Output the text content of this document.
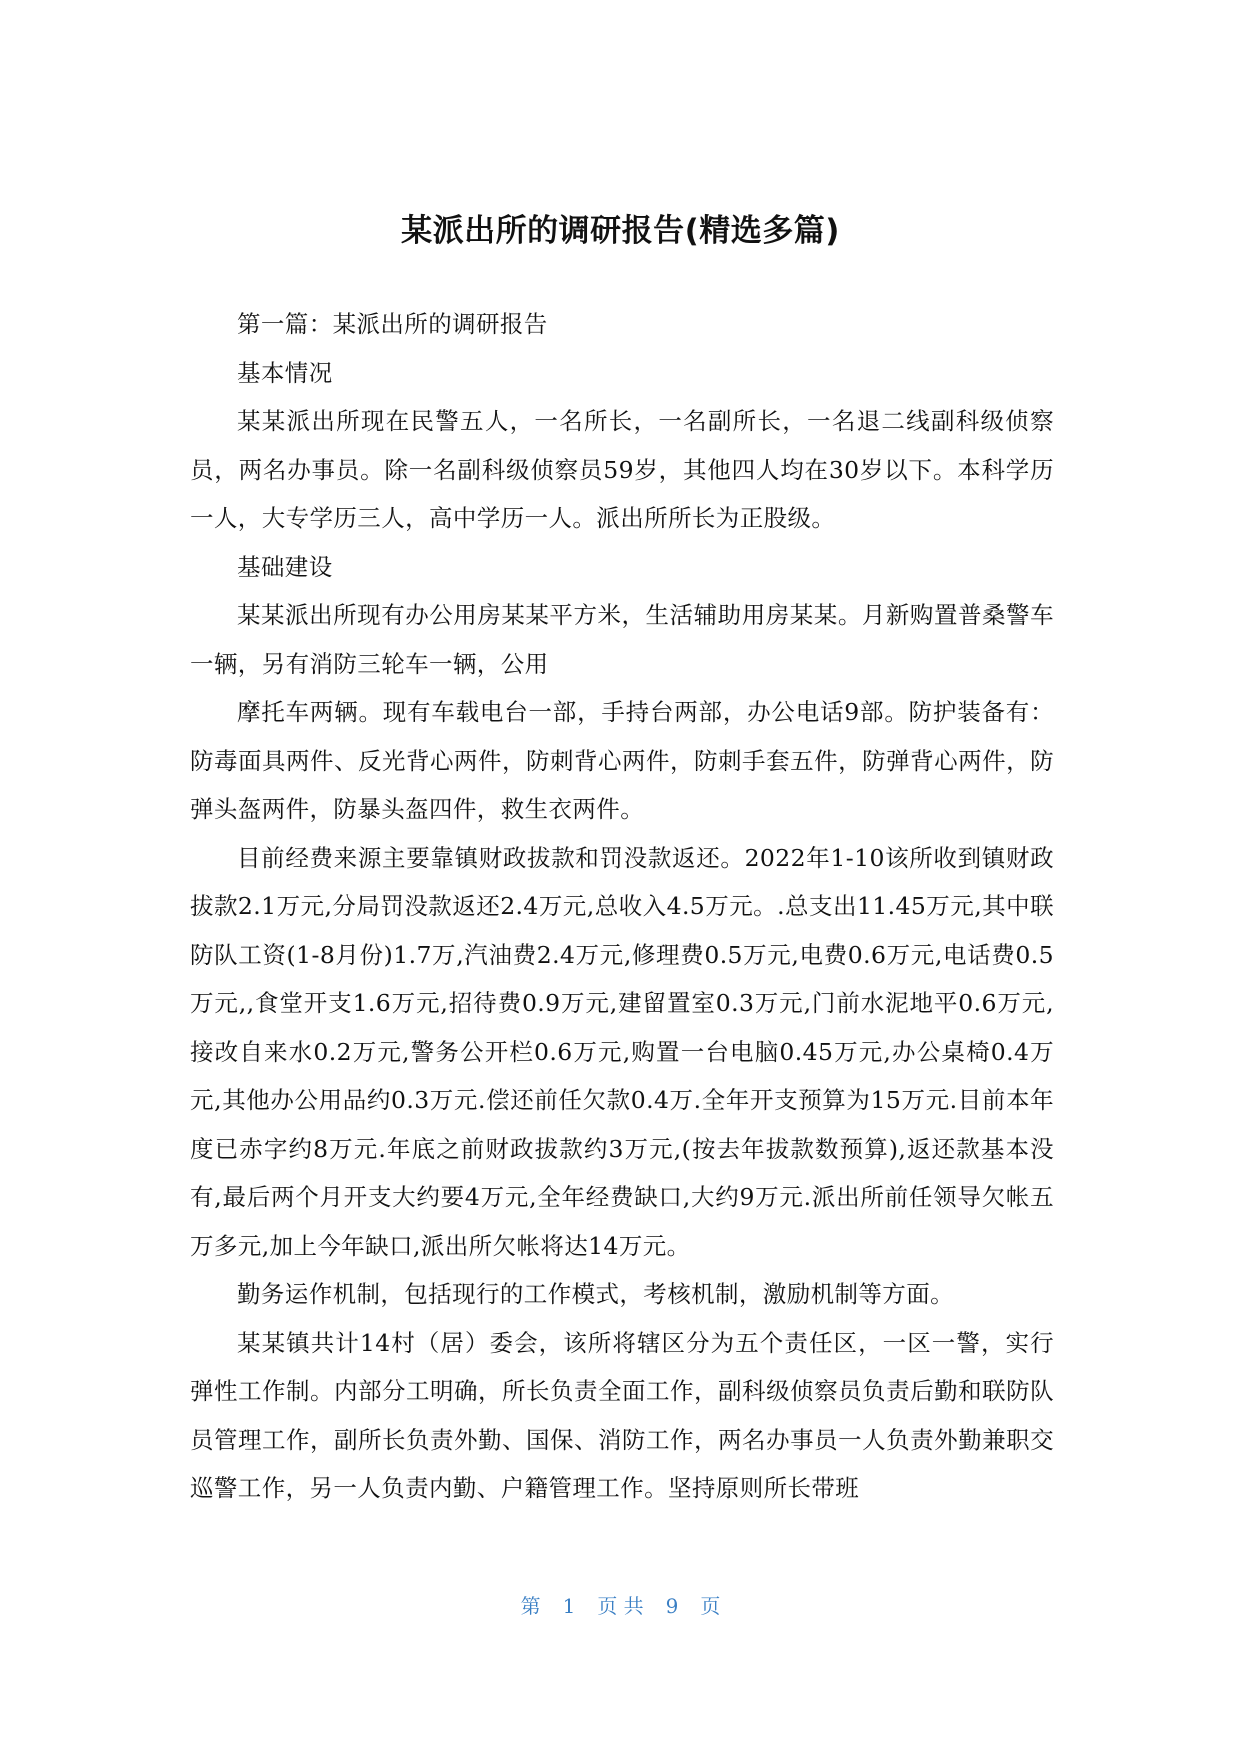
某派出所的调研报告(精选多篇)

第一篇：某派出所的调研报告

基本情况

某某派出所现在民警五人，一名所长，一名副所长，一名退二线副科级侦察员，两名办事员。除一名副科级侦察员59岁，其他四人均在30岁以下。本科学历一人，大专学历三人，高中学历一人。派出所所长为正股级。

基础建设

某某派出所现有办公用房某某平方米，生活辅助用房某某。月新购置普桑警车一辆，另有消防三轮车一辆，公用

摩托车两辆。现有车载电台一部，手持台两部，办公电话9部。防护装备有：防毒面具两件、反光背心两件，防刺背心两件，防刺手套五件，防弹背心两件，防弹头盔两件，防暴头盔四件，救生衣两件。

目前经费来源主要靠镇财政拔款和罚没款返还。2022年1-10该所收到镇财政拔款2.1万元,分局罚没款返还2.4万元,总收入4.5万元。.总支出11.45万元,其中联防队工资(1-8月份)1.7万,汽油费2.4万元,修理费0.5万元,电费0.6万元,电话费0.5万元,,食堂开支1.6万元,招待费0.9万元,建留置室0.3万元,门前水泥地平0.6万元,接改自来水0.2万元,警务公开栏0.6万元,购置一台电脑0.45万元,办公桌椅0.4万元,其他办公用品约0.3万元.偿还前任欠款0.4万.全年开支预算为15万元.目前本年度已赤字约8万元.年底之前财政拔款约3万元,(按去年拔款数预算),返还款基本没有,最后两个月开支大约要4万元,全年经费缺口,大约9万元.派出所前任领导欠帐五万多元,加上今年缺口,派出所欠帐将达14万元。

勤务运作机制，包括现行的工作模式，考核机制，激励机制等方面。

某某镇共计14村（居）委会，该所将辖区分为五个责任区，一区一警，实行弹性工作制。内部分工明确，所长负责全面工作，副科级侦察员负责后勤和联防队员管理工作，副所长负责外勤、国保、消防工作，两名办事员一人负责外勤兼职交巡警工作，另一人负责内勤、户籍管理工作。坚持原则所长带班

第 1 页 共 9 页
